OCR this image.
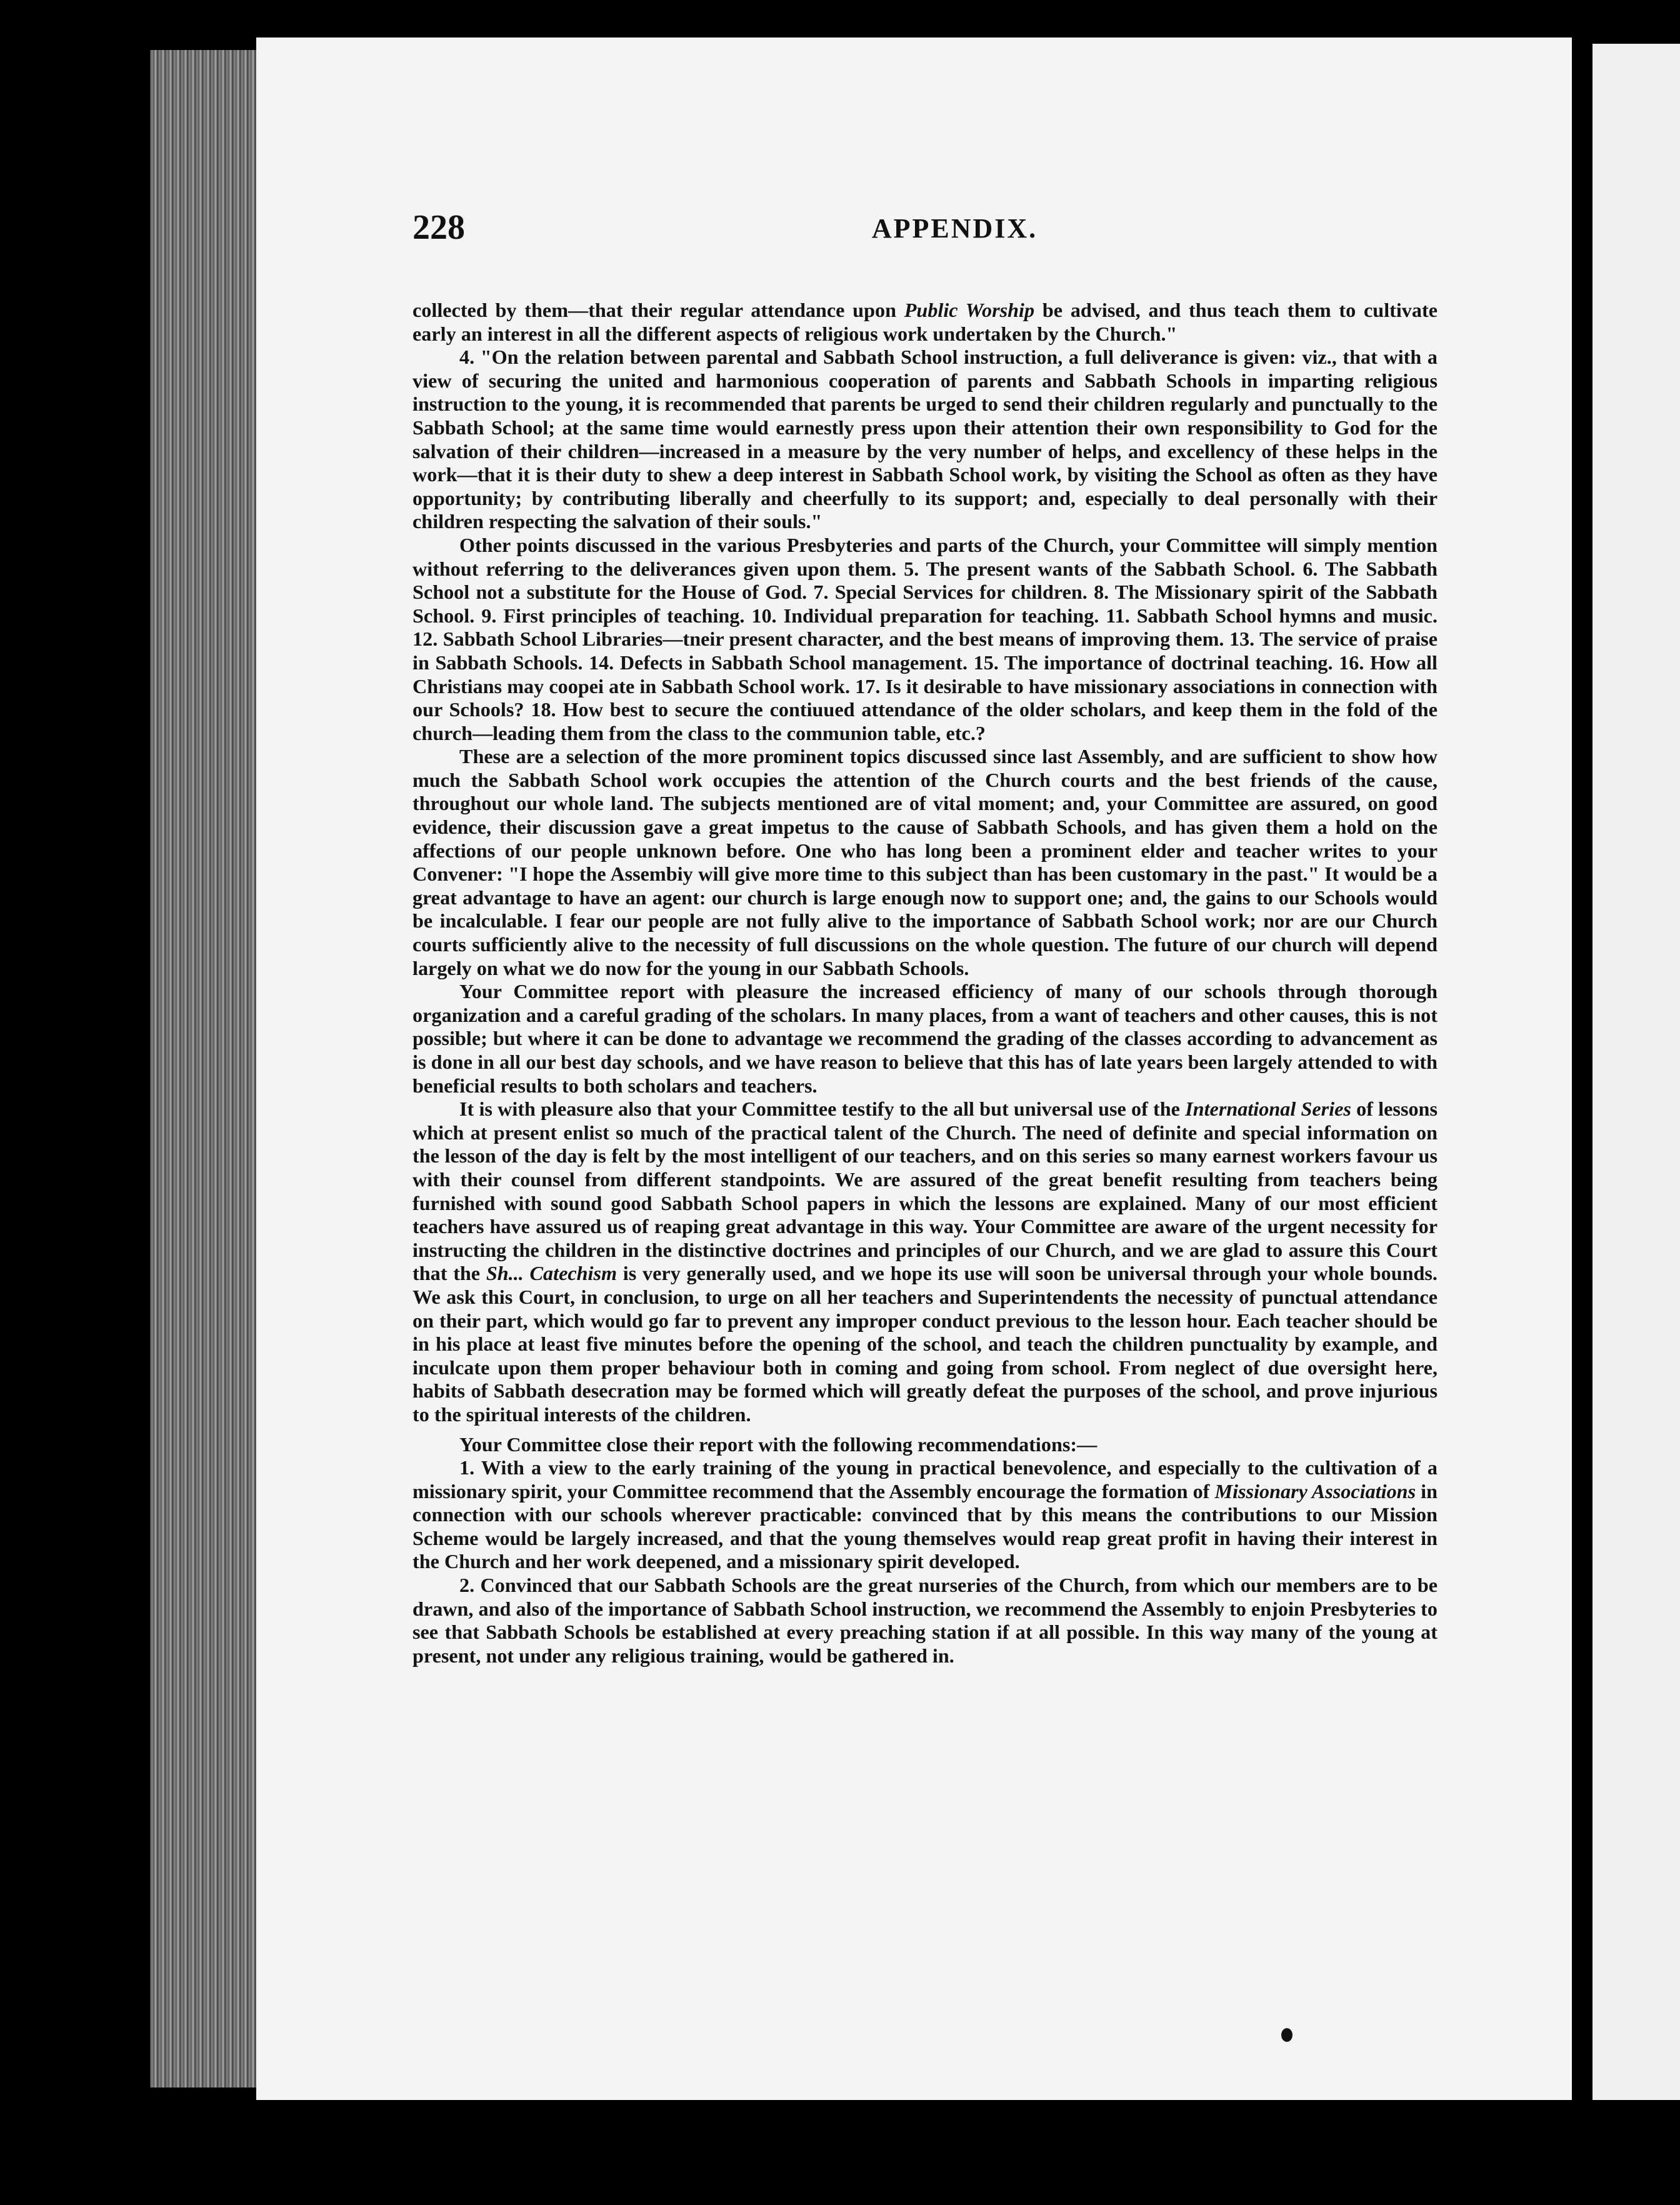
228	APPENDIX.

collected by them—that their regular attendance upon Public Worship be advised, and thus teach them to cultivate early an interest in all the different aspects of religious work undertaken by the Church."

4. "On the relation between parental and Sabbath School instruction, a full deliverance is given: viz., that with a view of securing the united and harmonious cooperation of parents and Sabbath Schools in imparting religious instruction to the young, it is recommended that parents be urged to send their children regularly and punctually to the Sabbath School; at the same time would earnestly press upon their attention their own responsibility to God for the salvation of their children—increased in a measure by the very number of helps, and excellency of these helps in the work—that it is their duty to shew a deep interest in Sabbath School work, by visiting the School as often as they have opportunity; by contributing liberally and cheerfully to its support; and, especially to deal personally with their children respecting the salvation of their souls."

Other points discussed in the various Presbyteries and parts of the Church, your Committee will simply mention without referring to the deliverances given upon them. 5. The present wants of the Sabbath School. 6. The Sabbath School not a substitute for the House of God. 7. Special Services for children. 8. The Missionary spirit of the Sabbath School. 9. First principles of teaching. 10. Individual preparation for teaching. 11. Sabbath School hymns and music. 12. Sabbath School Libraries—tneir present character, and the best means of improving them. 13. The service of praise in Sabbath Schools. 14. Defects in Sabbath School management. 15. The importance of doctrinal teaching. 16. How all Christians may coopei ate in Sabbath School work. 17. Is it desirable to have missionary associations in connection with our Schools? 18. How best to secure the contiuued attendance of the older scholars, and keep them in the fold of the church—leading them from the class to the communion table, etc.?

These are a selection of the more prominent topics discussed since last Assembly, and are sufficient to show how much the Sabbath School work occupies the attention of the Church courts and the best friends of the cause, throughout our whole land. The subjects mentioned are of vital moment; and, your Committee are assured, on good evidence, their discussion gave a great impetus to the cause of Sabbath Schools, and has given them a hold on the affections of our people unknown before. One who has long been a prominent elder and teacher writes to your Convener: "I hope the Assembiy will give more time to this subject than has been customary in the past." It would be a great advantage to have an agent: our church is large enough now to support one; and, the gains to our Schools would be incalculable. I fear our people are not fully alive to the importance of Sabbath School work; nor are our Church courts sufficiently alive to the necessity of full discussions on the whole question. The future of our church will depend largely on what we do now for the young in our Sabbath Schools.

Your Committee report with pleasure the increased efficiency of many of our schools through thorough organization and a careful grading of the scholars. In many places, from a want of teachers and other causes, this is not possible; but where it can be done to advantage we recommend the grading of the classes according to advancement as is done in all our best day schools, and we have reason to believe that this has of late years been largely attended to with beneficial results to both scholars and teachers.

It is with pleasure also that your Committee testify to the all but universal use of the International Series of lessons which at present enlist so much of the practical talent of the Church. The need of definite and special information on the lesson of the day is felt by the most intelligent of our teachers, and on this series so many earnest workers favour us with their counsel from different standpoints. We are assured of the great benefit resulting from teachers being furnished with sound good Sabbath School papers in which the lessons are explained. Many of our most efficient teachers have assured us of reaping great advantage in this way. Your Committee are aware of the urgent necessity for instructing the children in the distinctive doctrines and principles of our Church, and we are glad to assure this Court that the Sh... Catechism is very generally used, and we hope its use will soon be universal through your whole bounds. We ask this Court, in conclusion, to urge on all her teachers and Superintendents the necessity of punctual attendance on their part, which would go far to prevent any improper conduct previous to the lesson hour. Each teacher should be in his place at least five minutes before the opening of the school, and teach the children punctuality by example, and inculcate upon them proper behaviour both in coming and going from school. From neglect of due oversight here, habits of Sabbath desecration may be formed which will greatly defeat the purposes of the school, and prove injurious to the spiritual interests of the children.

Your Committee close their report with the following recommendations:—

1. With a view to the early training of the young in practical benevolence, and especially to the cultivation of a missionary spirit, your Committee recommend that the Assembly encourage the formation of Missionary Associations in connection with our schools wherever practicable: convinced that by this means the contributions to our Mission Scheme would be largely increased, and that the young themselves would reap great profit in having their interest in the Church and her work deepened, and a missionary spirit developed.

2. Convinced that our Sabbath Schools are the great nurseries of the Church, from which our members are to be drawn, and also of the importance of Sabbath School instruction, we recommend the Assembly to enjoin Presbyteries to see that Sabbath Schools be established at every preaching station if at all possible. In this way many of the young at present, not under any religious training, would be gathered in.
